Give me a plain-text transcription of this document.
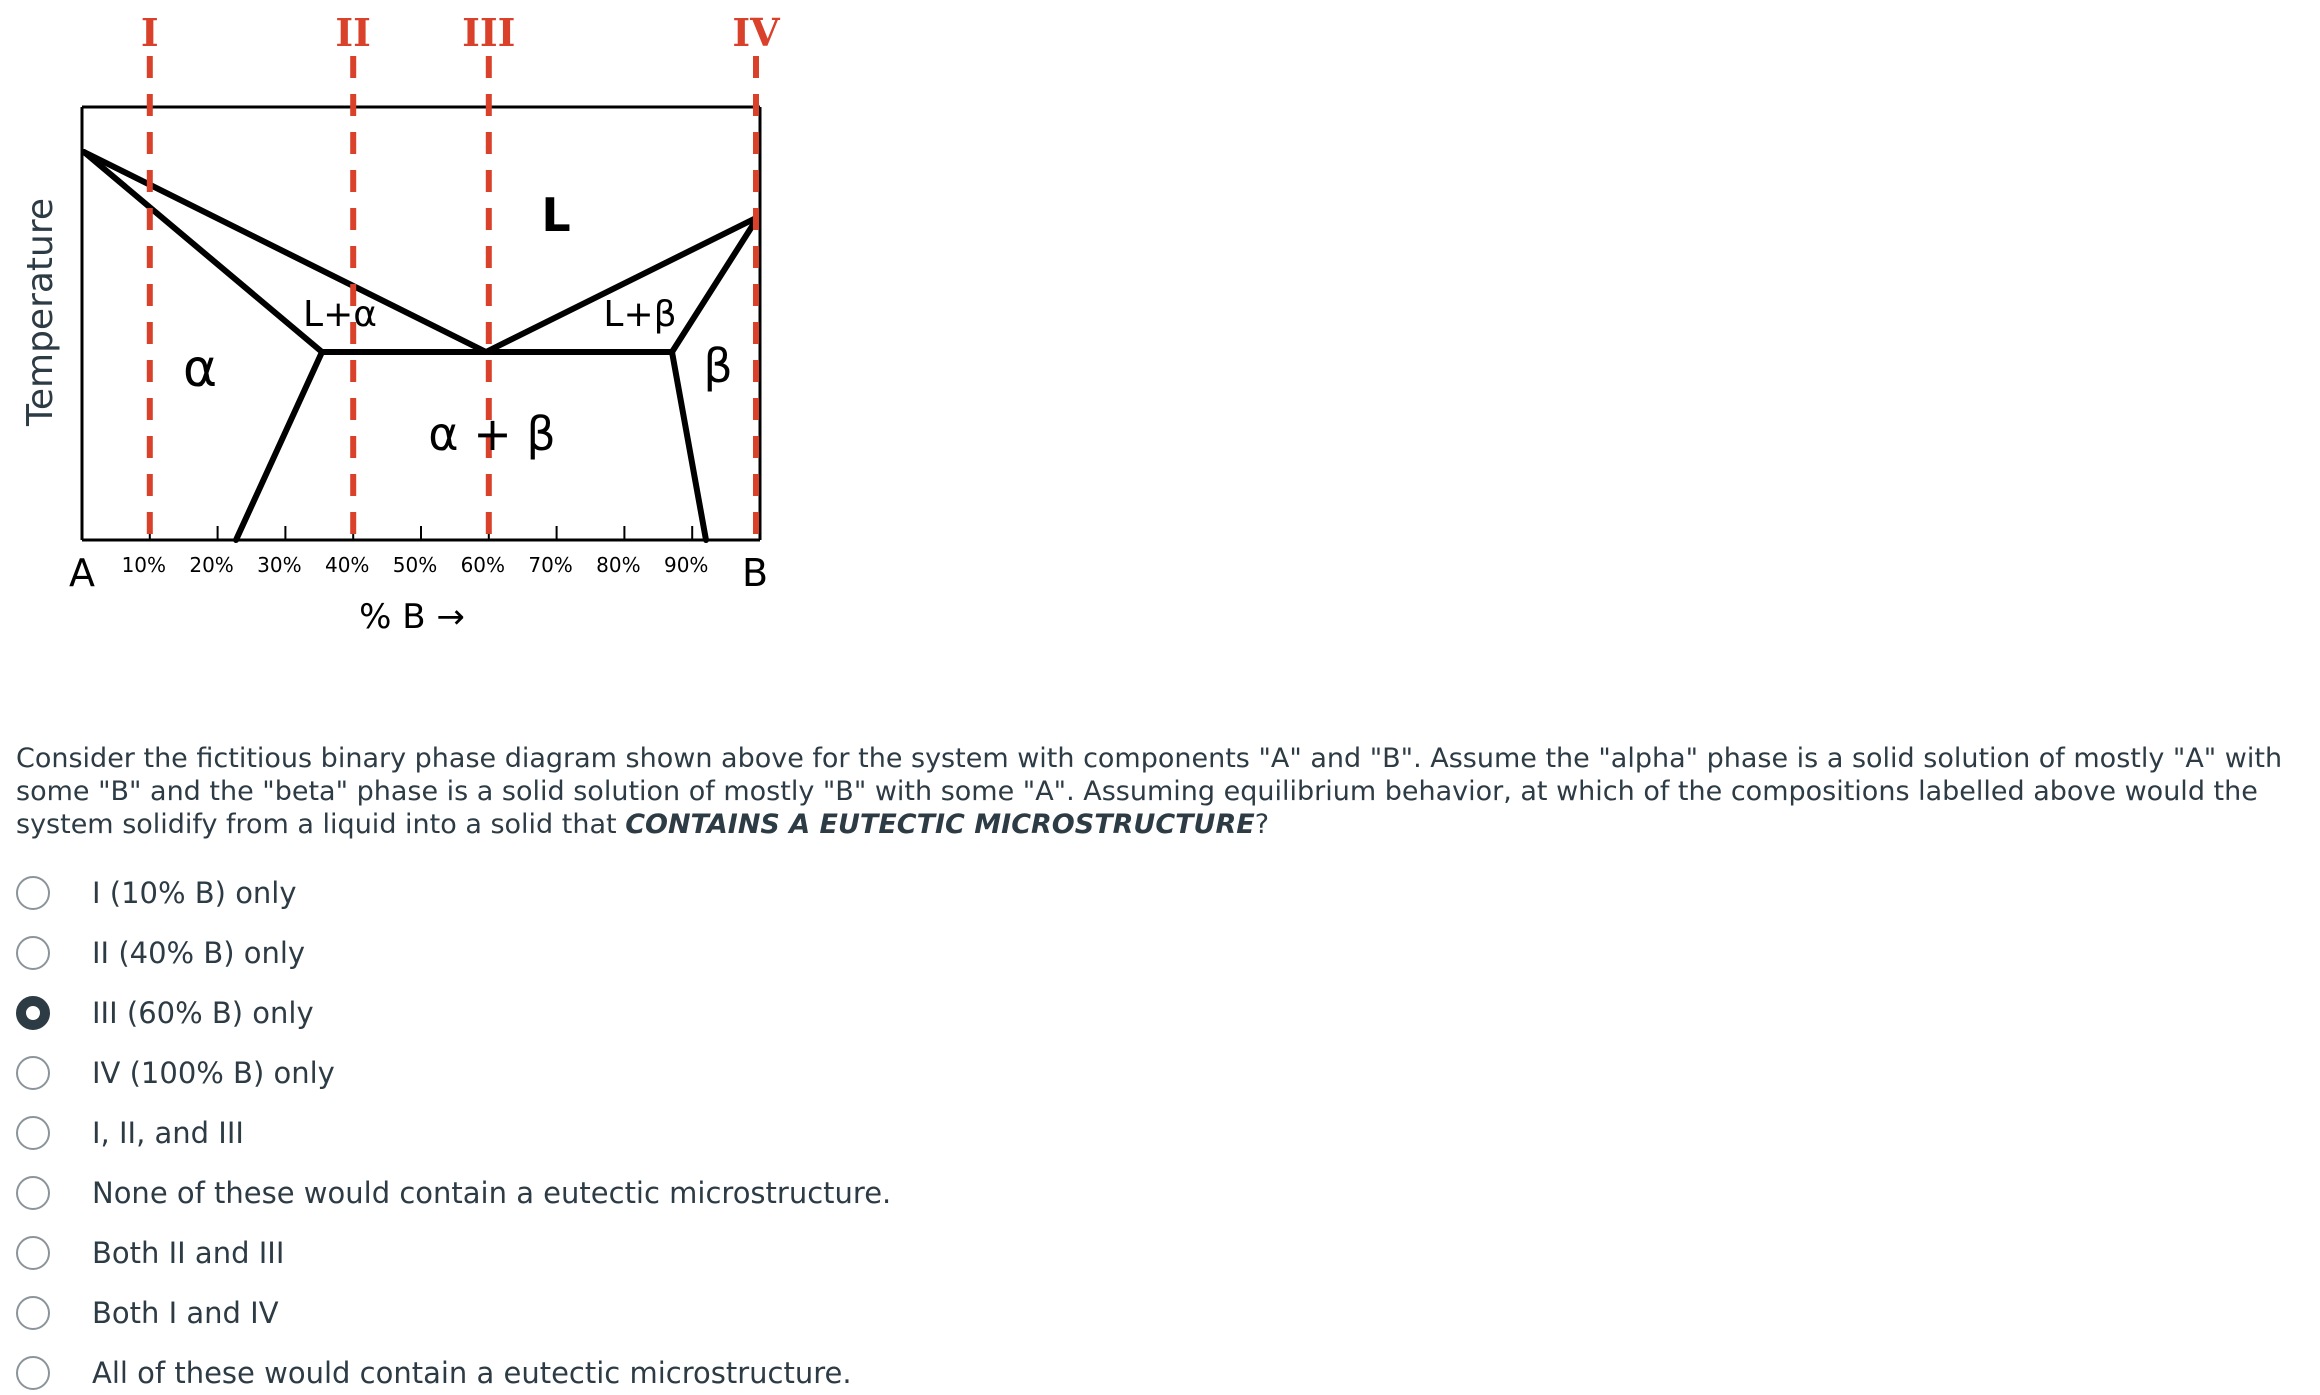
I	II III	IV
L
L+α	L+β
α	β
α + β
A	B
10% 20% 30% 40% 50% 60% 70% 80% 90%
% B →
Temperature
Consider the fictitious binary phase diagram shown above for the system with components "A" and "B". Assume the "alpha" phase is a solid solution of mostly "A" with some "B" and the "beta" phase is a solid solution of mostly "B" with some "A". Assuming equilibrium behavior, at which of the compositions labelled above would the system solidify from a liquid into a solid that CONTAINS A EUTECTIC MICROSTRUCTURE?
I (10% B) only
II (40% B) only
III (60% B) only
IV (100% B) only
I, II, and III
None of these would contain a eutectic microstructure.
Both II and III
Both I and IV
All of these would contain a eutectic microstructure.
